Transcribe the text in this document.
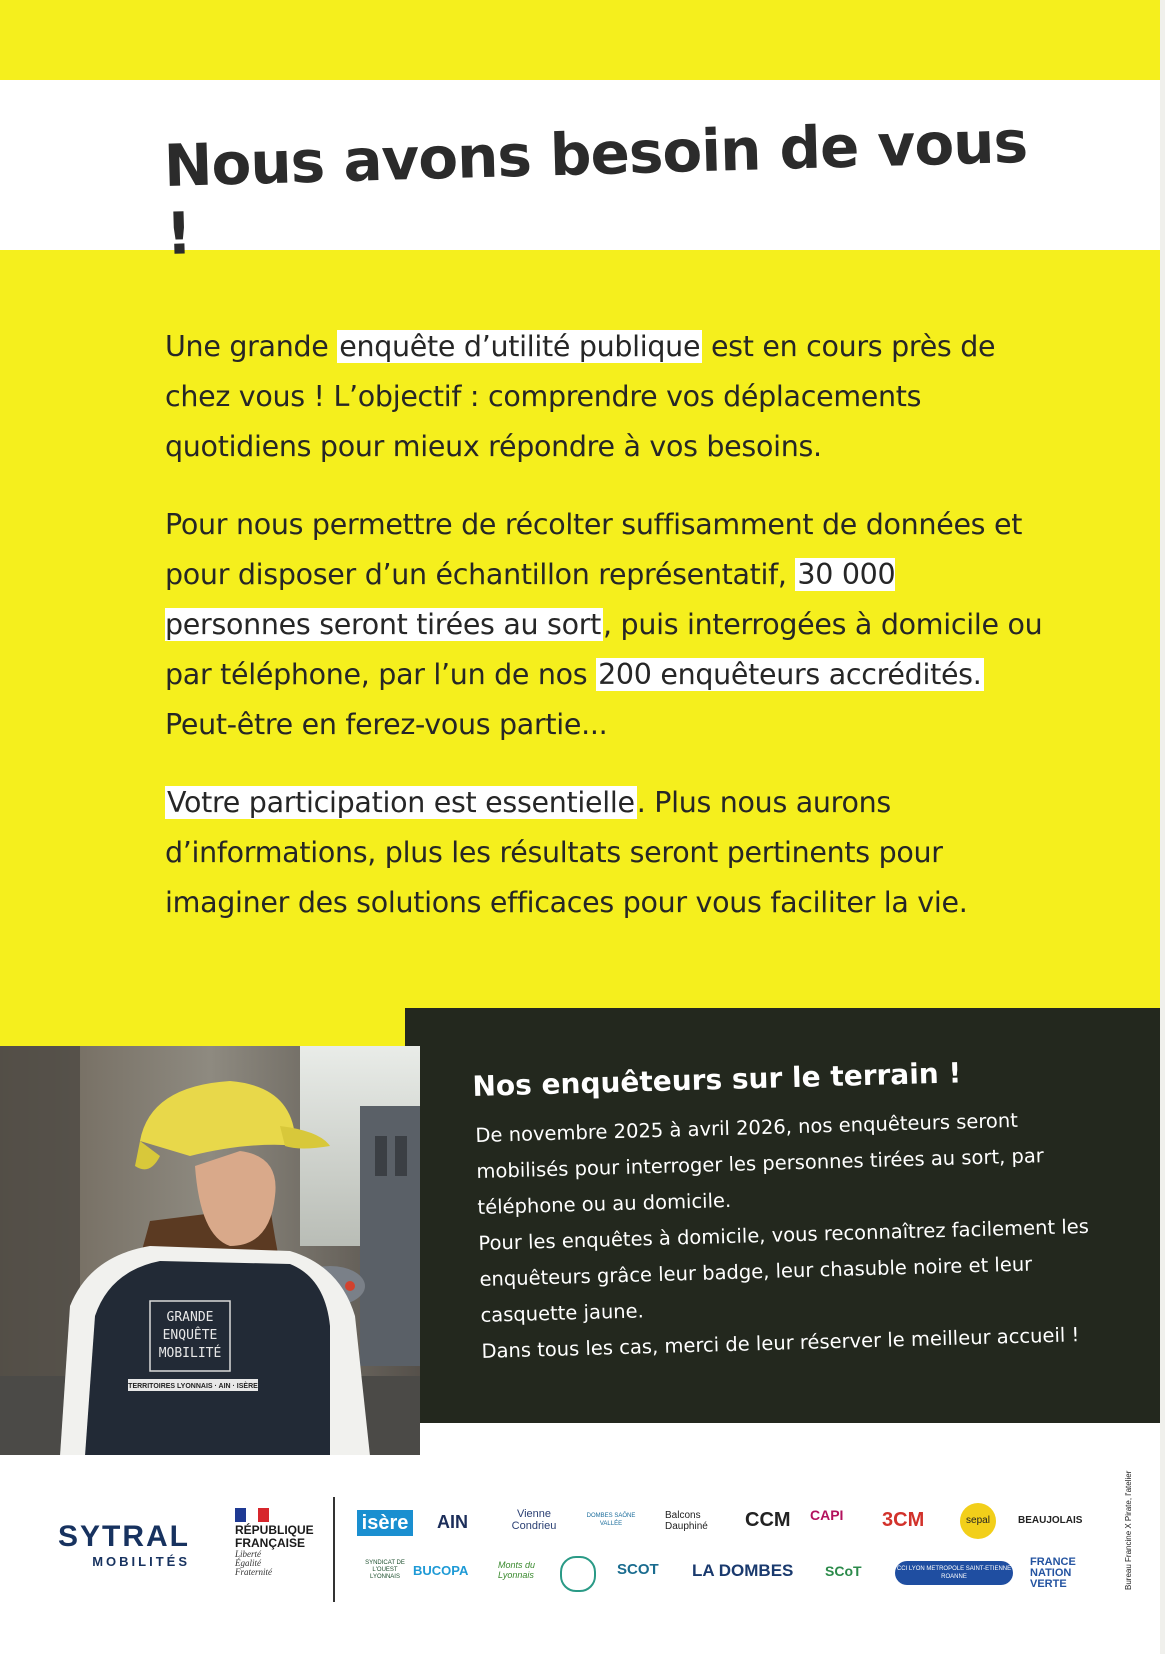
Nous avons besoin de vous !

Une grande enquête d’utilité publique est en cours près de chez vous ! L’objectif : comprendre vos déplacements quotidiens pour mieux répondre à vos besoins.

Pour nous permettre de récolter suffisamment de données et pour disposer d’un échantillon représentatif, 30 000 personnes seront tirées au sort, puis interrogées à domicile ou par téléphone, par l’un de nos 200 enquêteurs accrédités. Peut-être en ferez-vous partie...

Votre participation est essentielle. Plus nous aurons d’informations, plus les résultats seront pertinents pour imaginer des solutions efficaces pour vous faciliter la vie.

Nos enquêteurs sur le terrain !

De novembre 2025 à avril 2026, nos enquêteurs seront mobilisés pour interroger les personnes tirées au sort, par téléphone ou au domicile.

Pour les enquêtes à domicile, vous reconnaîtrez facilement les enquêteurs grâce leur badge, leur chasuble noire et leur casquette jaune.

Dans tous les cas, merci de leur réserver le meilleur accueil !

GRANDE
ENQUÊTE
MOBILITÉ
TERRITOIRES LYONNAIS · AIN · ISÈRE
SYTRAL
MOBILITÉS
RÉPUBLIQUE
FRANÇAISE
Liberté
Égalité
Fraternité
isère AIN	Vienne Condrieu
DOMBES SAÔNE VALLÉE
Balcons Dauphiné	CCM CAPI 3CM	sepal	BEAUJOLAIS
SYNDICAT DE L'OUEST LYONNAIS	BUCOPA	Monts du Lyonnais	SCOT LA DOMBES SCoT	CCI LYON METROPOLE SAINT-ETIENNE ROANNE
FRANCE NATION VERTE	Bureau Francine X Pirate, l'atelier
